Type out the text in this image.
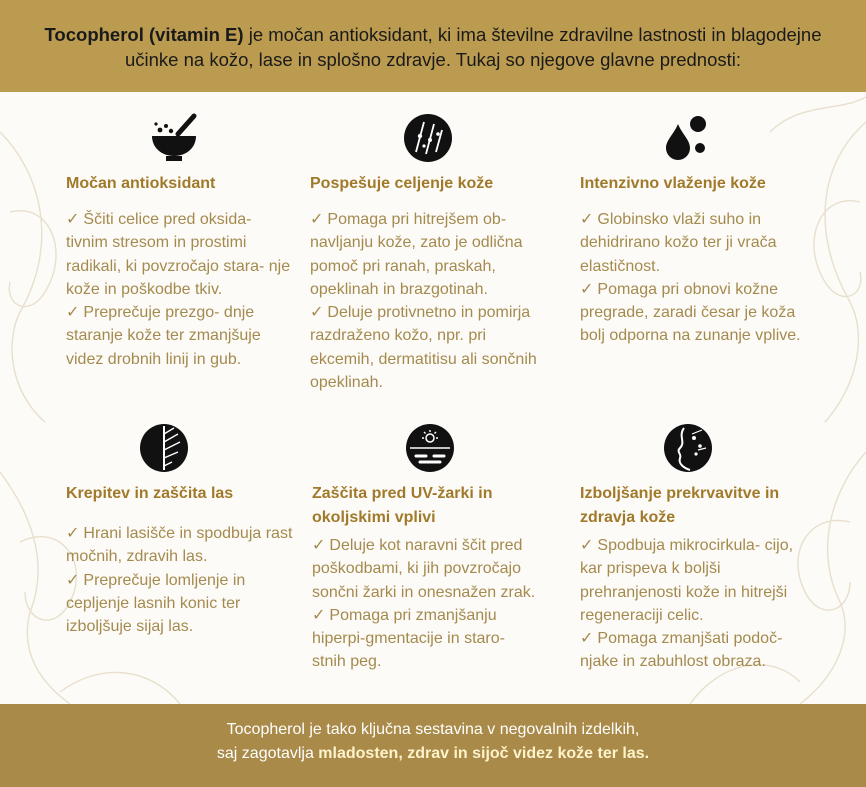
Tocopherol (vitamin E) je močan antioksidant, ki ima številne zdravilne lastnosti in blagodejne učinke na kožo, lase in splošno zdravje. Tukaj so njegove glavne prednosti:
Močan antioksidant

✓ Ščiti celice pred oksida- tivnim stresom in prostimi radikali, ki povzročajo stara- nje kože in poškodbe tkiv.

✓ Preprečuje prezgo- dnje staranje kože ter zmanjšuje videz drobnih linij in gub.

Pospešuje celjenje kože

✓ Pomaga pri hitrejšem ob- navljanju kože, zato je odlična pomoč pri ranah, praskah, opeklinah in brazgotinah.

✓ Deluje protivnetno in pomirja razdraženo kožo, npr. pri ekcemih, dermatitisu ali sončnih opeklinah.

Intenzivno vlaženje kože

✓ Globinsko vlaži suho in dehidrirano kožo ter ji vrača elastičnost.

✓ Pomaga pri obnovi kožne pregrade, zaradi česar je koža bolj odporna na zunanje vplive.

Krepitev in zaščita las

✓ Hrani lasišče in spodbuja rast močnih, zdravih las.

✓ Preprečuje lomljenje in cepljenje lasnih konic ter izboljšuje sijaj las.

Zaščita pred UV-žarki in okoljskimi vplivi

✓ Deluje kot naravni ščit pred poškodbami, ki jih povzročajo sončni žarki in onesnažen zrak.

✓ Pomaga pri zmanjšanju hiperpi-gmentacije in staro- stnih peg.

Izboljšanje prekrvavitve in zdravja kože

✓ Spodbuja mikrocirkula- cijo, kar prispeva k boljši prehranjenosti kože in hitrejši regeneraciji celic.

✓ Pomaga zmanjšati podoč- njake in zabuhlost obraza.

Tocopherol je tako ključna sestavina v negovalnih izdelkih,
saj zagotavlja mladosten, zdrav in sijoč videz kože ter las.
